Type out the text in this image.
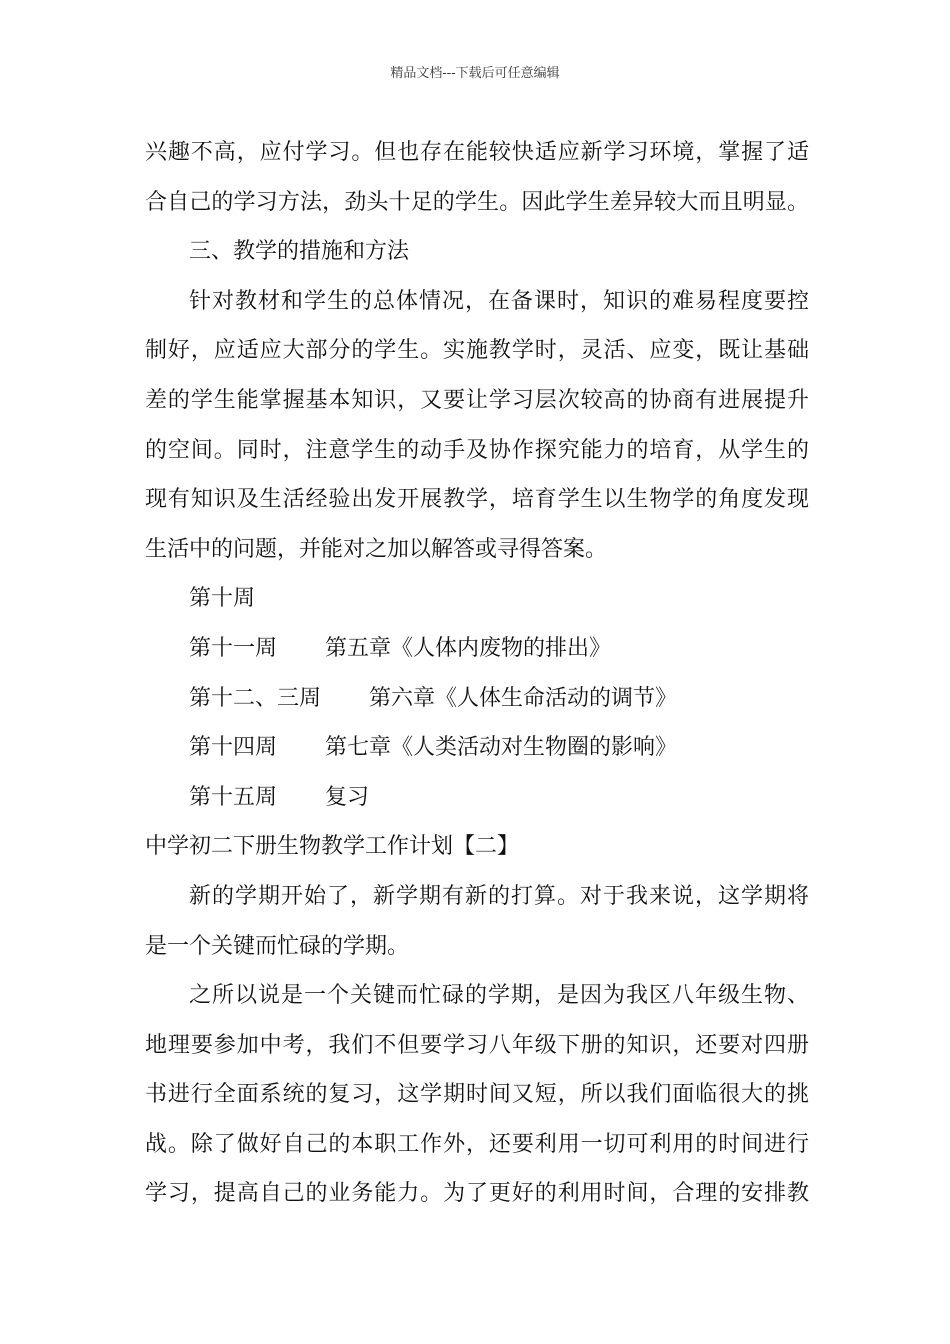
精品文档---下载后可任意编辑
兴趣不高，应付学习。但也存在能较快适应新学习环境，掌握了适
合自己的学习方法，劲头十足的学生。因此学生差异较大而且明显。
三、教学的措施和方法
针对教材和学生的总体情况，在备课时，知识的难易程度要控
制好，应适应大部分的学生。实施教学时，灵活、应变，既让基础
差的学生能掌握基本知识，又要让学习层次较高的协商有进展提升
的空间。同时，注意学生的动手及协作探究能力的培育，从学生的
现有知识及生活经验出发开展教学，培育学生以生物学的角度发现
生活中的问题，并能对之加以解答或寻得答案。
第十周
第十一周 第五章《人体内废物的排出》
第十二、三周 第六章《人体生命活动的调节》
第十四周 第七章《人类活动对生物圈的影响》
第十五周 复习
中学初二下册生物教学工作计划【二】
新的学期开始了，新学期有新的打算。对于我来说，这学期将
是一个关键而忙碌的学期。
之所以说是一个关键而忙碌的学期，是因为我区八年级生物、
地理要参加中考，我们不但要学习八年级下册的知识，还要对四册
书进行全面系统的复习，这学期时间又短，所以我们面临很大的挑
战。除了做好自己的本职工作外，还要利用一切可利用的时间进行
学习，提高自己的业务能力。为了更好的利用时间，合理的安排教
